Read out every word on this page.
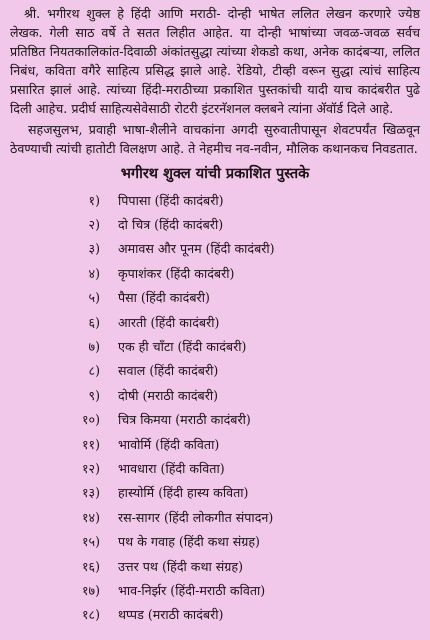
श्री. भगीरथ शुक्ल हे हिंदी आणि मराठी- दोन्ही भाषेत ललित लेखन करणारे ज्येष्ठ लेखक. गेली साठ वर्षे ते सतत लिहीत आहेत. या दोन्ही भाषांच्या जवळ-जवळ सर्वच प्रतिष्ठित नियतकालिकांत-दिवाळी अंकांतसुद्धा त्यांच्या शेकडो कथा, अनेक कादंबऱ्या, ललित निबंध, कविता वगैरे साहित्य प्रसिद्ध झाले आहे. रेडियो, टीव्ही वरून सुद्धा त्यांचं साहित्य प्रसारित झालं आहे. त्यांच्या हिंदी-मराठीच्या प्रकाशित पुस्तकांची यादी याच कादंबरीत पुढे दिली आहेच. प्रदीर्घ साहित्यसेवेसाठी रोटरी इंटरनॅशनल क्लबने त्यांना ॲवॉर्ड दिले आहे.

सहजसुलभ, प्रवाही भाषा-शैलीने वाचकांना अगदी सुरुवातीपासून शेवटपर्यंत खिळवून ठेवण्याची त्यांची हातोटी विलक्षण आहे. ते नेहमीच नव-नवीन, मौलिक कथानकच निवडतात.

भगीरथ शुक्ल यांची प्रकाशित पुस्तके
१)	पिपासा (हिंदी कादंबरी)
२)	दो चित्र (हिंदी कादंबरी)
३)	अमावस और पूनम (हिंदी कादंबरी)
४)	कृपाशंकर (हिंदी कादंबरी)
५)	पैसा (हिंदी कादंबरी)
६)	आरती (हिंदी कादंबरी)
७)	एक ही चाँटा (हिंदी कादंबरी)
८)	सवाल (हिंदी कादंबरी)
९)	दोषी (मराठी कादंबरी)
१०)	चित्र किमया (मराठी कादंबरी)
११)	भावोर्मि (हिंदी कविता)
१२)	भावधारा (हिंदी कविता)
१३)	हास्योर्मि (हिंदी हास्य कविता)
१४)	रस-सागर (हिंदी लोकगीत संपादन)
१५)	पथ के गवाह (हिंदी कथा संग्रह)
१६)	उत्तर पथ (हिंदी कथा संग्रह)
१७)	भाव-निर्झर (हिंदी-मराठी कविता)
१८)	थप्पड (मराठी कादंबरी)
